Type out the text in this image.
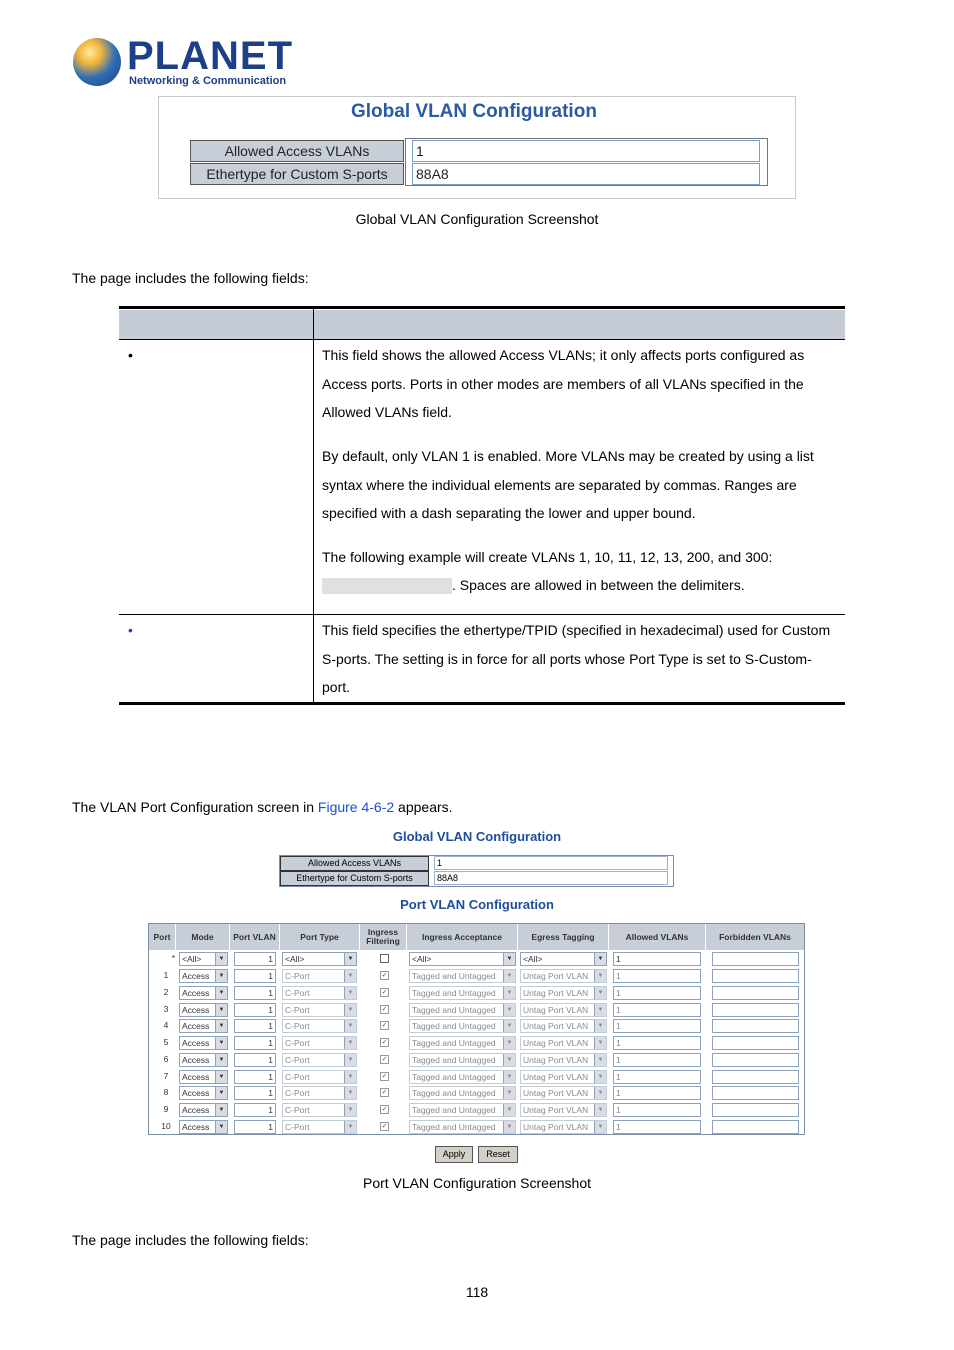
PLANET
Networking & Communication
Global VLAN Configuration
Allowed Access VLANs	1
Ethertype for Custom S-ports	88A8
Global VLAN Configuration Screenshot
The page includes the following fields:
•	This field shows the allowed Access VLANs; it only affects ports configured as Access ports. Ports in other modes are members of all VLANs specified in the Allowed VLANs field.
By default, only VLAN 1 is enabled. More VLANs may be created by using a list syntax where the individual elements are separated by commas. Ranges are specified with a dash separating the lower and upper bound.
The following example will create VLANs 1, 10, 11, 12, 13, 200, and 300:
. Spaces are allowed in between the delimiters.
•	This field specifies the ethertype/TPID (specified in hexadecimal) used for Custom S-ports. The setting is in force for all ports whose Port Type is set to S-Custom-port.
The VLAN Port Configuration screen in Figure 4-6-2 appears.
Global VLAN Configuration
Allowed Access VLANs	1
Ethertype for Custom S-ports	88A8
Port VLAN Configuration
Port	Mode	Port VLAN	Port Type	Ingress Filtering	Ingress Acceptance	Egress Tagging	Allowed VLANs	Forbidden VLANs
* <All>	▼	1	<All>	▼	<All>	▼	<All>	▼	1
1	Access	▼	1	C-Port	▼	✓	Tagged and Untagged	▼	Untag Port VLAN	▼	1
2	Access	▼	1	C-Port	▼	✓	Tagged and Untagged	▼	Untag Port VLAN	▼	1
3	Access	▼	1	C-Port	▼	✓	Tagged and Untagged	▼	Untag Port VLAN	▼	1
4	Access	▼	1	C-Port	▼	✓	Tagged and Untagged	▼	Untag Port VLAN	▼	1
5	Access	▼	1	C-Port	▼	✓	Tagged and Untagged	▼	Untag Port VLAN	▼	1
6	Access	▼	1	C-Port	▼	✓	Tagged and Untagged	▼	Untag Port VLAN	▼	1
7	Access	▼	1	C-Port	▼	✓	Tagged and Untagged	▼	Untag Port VLAN	▼	1
8	Access	▼	1	C-Port	▼	✓	Tagged and Untagged	▼	Untag Port VLAN	▼	1
9	Access	▼	1	C-Port	▼	✓	Tagged and Untagged	▼	Untag Port VLAN	▼	1
10	Access	▼	1	C-Port	▼	✓	Tagged and Untagged	▼	Untag Port VLAN	▼	1
Apply	Reset
Port VLAN Configuration Screenshot
The page includes the following fields:
118
